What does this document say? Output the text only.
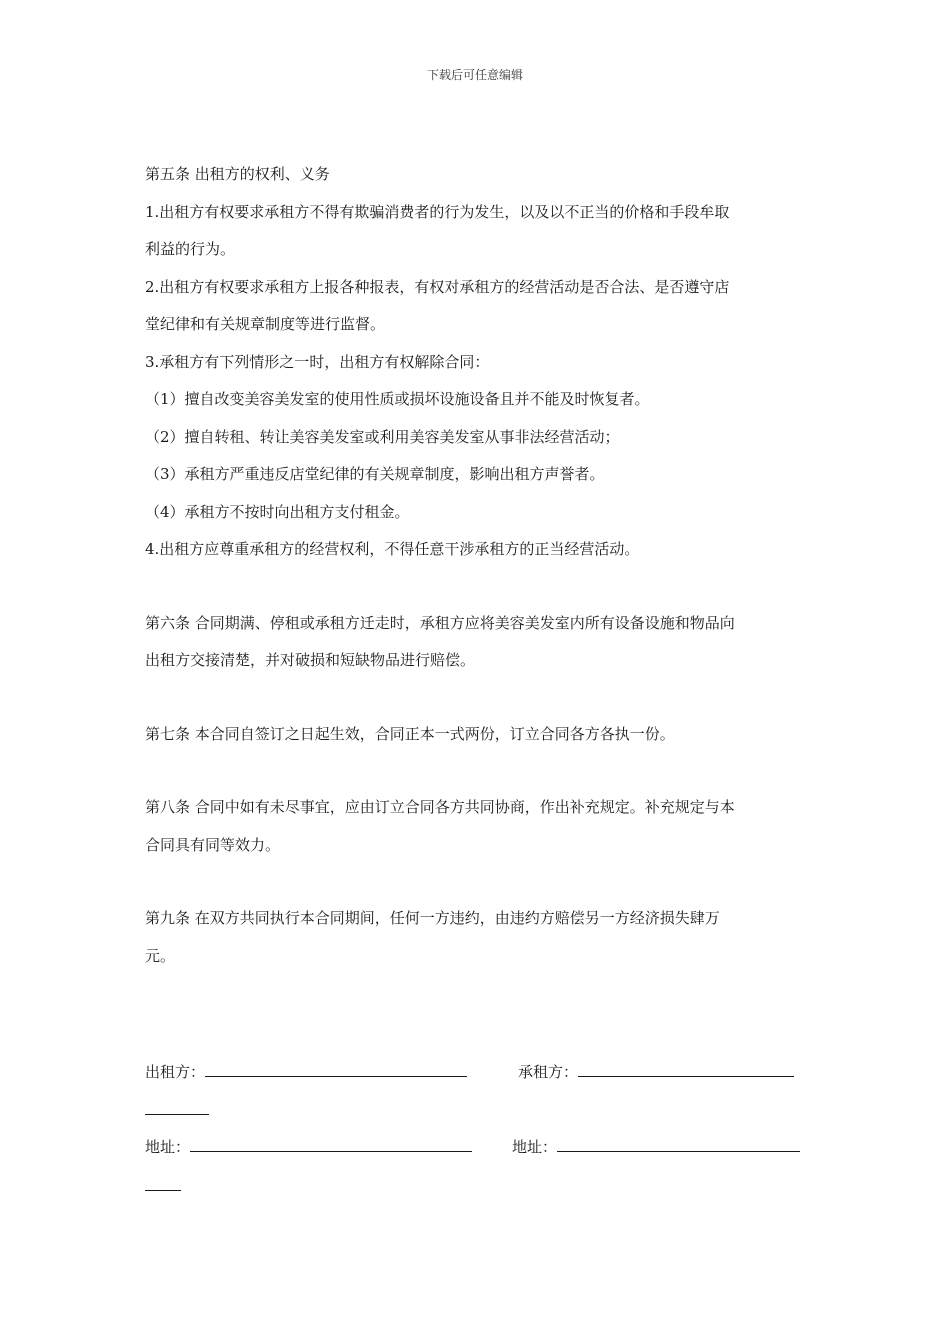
下载后可任意编辑
第五条 出租方的权利、义务
1.出租方有权要求承租方不得有欺骗消费者的行为发生，以及以不正当的价格和手段牟取
利益的行为。
2.出租方有权要求承租方上报各种报表，有权对承租方的经营活动是否合法、是否遵守店
堂纪律和有关规章制度等进行监督。
3.承租方有下列情形之一时，出租方有权解除合同：
（1）擅自改变美容美发室的使用性质或损坏设施设备且并不能及时恢复者。
（2）擅自转租、转让美容美发室或利用美容美发室从事非法经营活动；
（3）承租方严重违反店堂纪律的有关规章制度，影响出租方声誉者。
（4）承租方不按时向出租方支付租金。
4.出租方应尊重承租方的经营权利，不得任意干涉承租方的正当经营活动。
第六条 合同期满、停租或承租方迁走时，承租方应将美容美发室内所有设备设施和物品向
出租方交接清楚，并对破损和短缺物品进行赔偿。
第七条 本合同自签订之日起生效，合同正本一式两份，订立合同各方各执一份。
第八条 合同中如有未尽事宜，应由订立合同各方共同协商，作出补充规定。补充规定与本
合同具有同等效力。
第九条 在双方共同执行本合同期间，任何一方违约，由违约方赔偿另一方经济损失肆万
元。
出租方：	承租方：
地址：	地址：
